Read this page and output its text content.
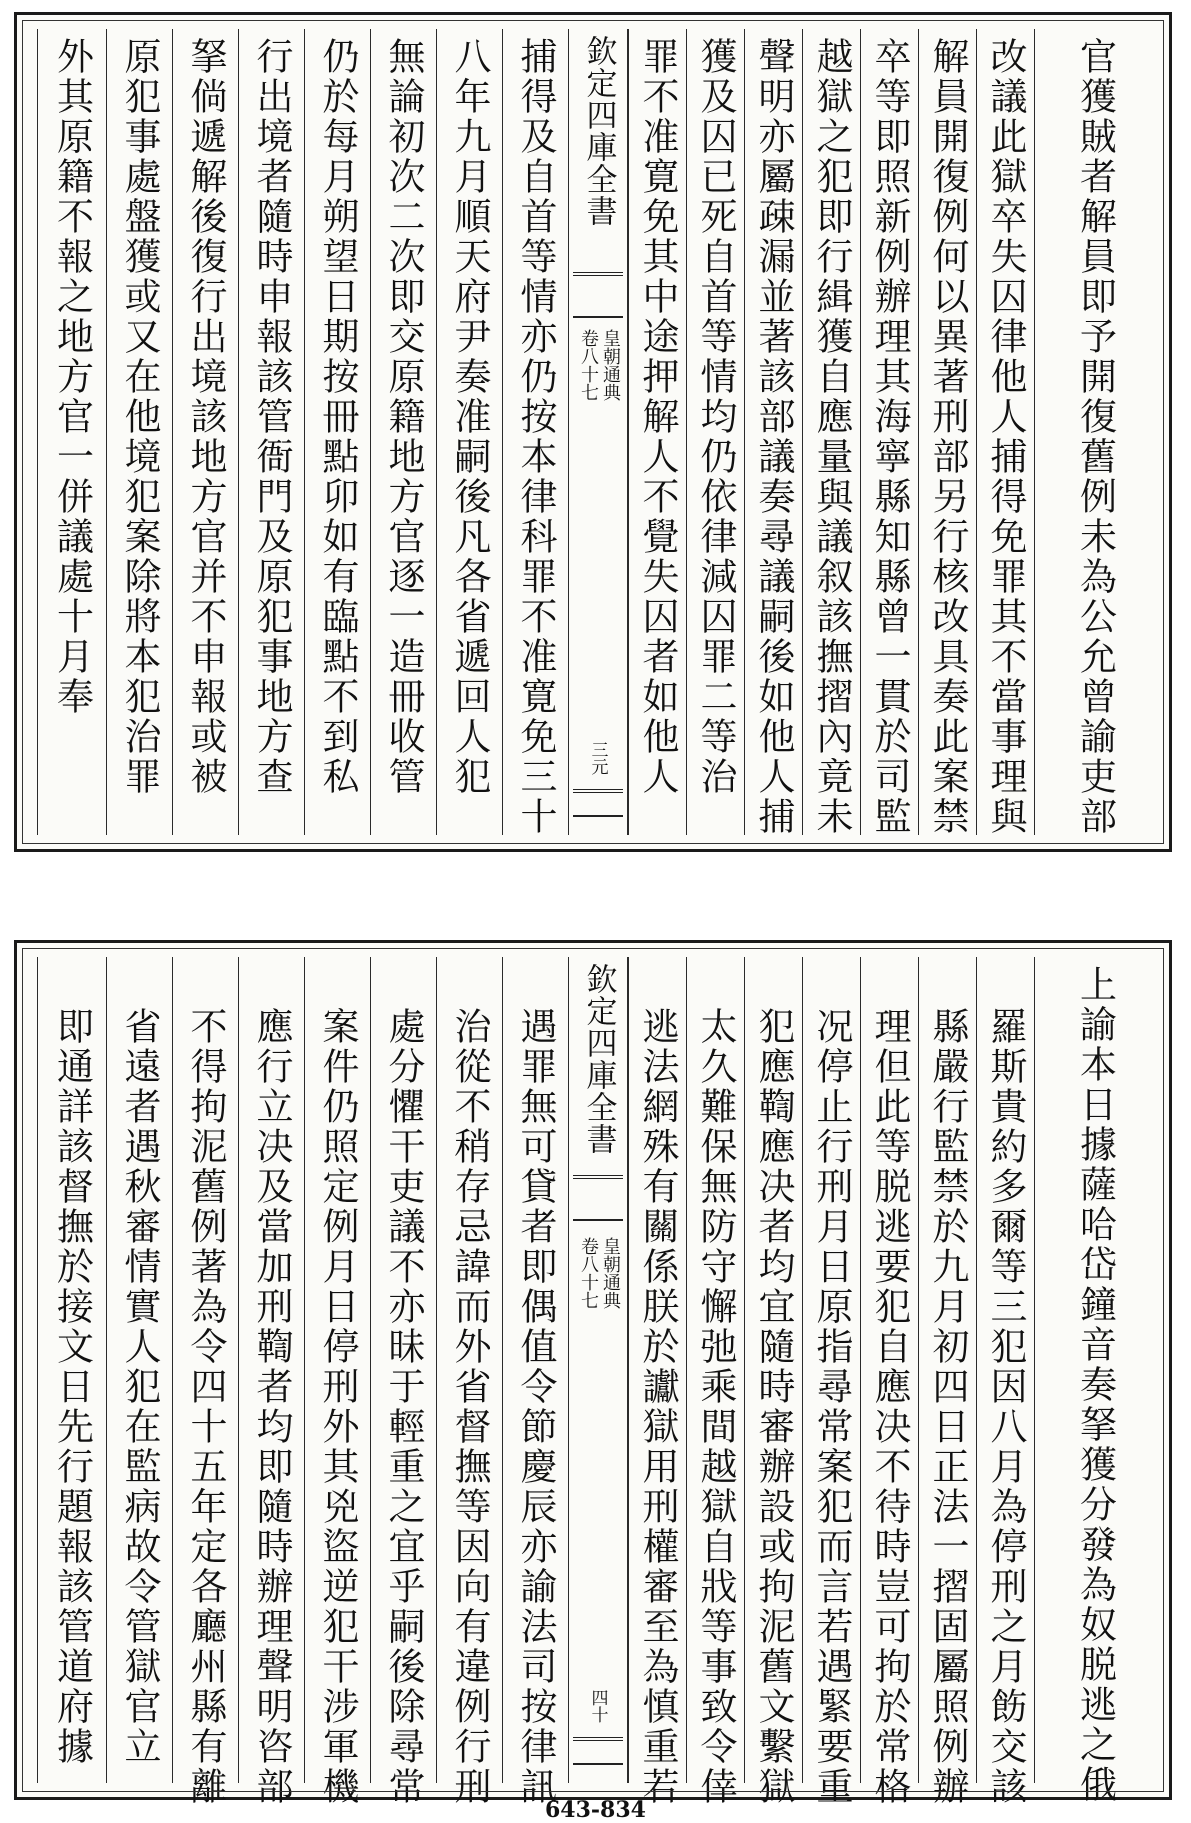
官獲賊者解員即予開復舊例未為公允曾諭吏部
改議此獄卒失囚律他人捕得免罪其不當事理與
解員開復例何以異著刑部另行核改具奏此案禁
卒等即照新例辦理其海寧縣知縣曾一貫於司監
越獄之犯即行緝獲自應量與議叙該撫摺內竟未
聲明亦屬疎漏並著該部議奏尋議嗣後如他人捕
獲及囚已死自首等情均仍依律減囚罪二等治
罪不准寛免其中途押解人不覺失囚者如他人
欽定四庫全書
皇朝通典
卷八十七
三元
捕得及自首等情亦仍按本律科罪不准寛免三十
八年九月順天府尹奏准嗣後凡各省遞回人犯
無論初次二次即交原籍地方官逐一造冊收管
仍於每月朔望日期按冊點卯如有臨點不到私
行出境者隨時申報該管衙門及原犯事地方查
拏倘遞解後復行出境該地方官并不申報或被
原犯事處盤獲或又在他境犯案除將本犯治罪
外其原籍不報之地方官一併議處十月奉
上諭本日據薩哈岱鐘音奏拏獲分發為奴脱逃之俄
羅斯貴約多爾等三犯因八月為停刑之月飭交該
縣嚴行監禁於九月初四日正法一摺固屬照例辦
理但此等脱逃要犯自應决不待時豈可拘於常格
况停止行刑月日原指尋常案犯而言若遇緊要重
犯應鞫應决者均宜隨時審辦設或拘泥舊文繫獄
太久難保無防守懈弛乘間越獄自戕等事致令倖
逃法網殊有關係朕於讞獄用刑權審至為慎重若
欽定四庫全書
皇朝通典
卷八十七
四十
遇罪無可貸者即偶值令節慶辰亦諭法司按律訊
治從不稍存忌諱而外省督撫等因向有違例行刑
處分懼干吏議不亦昧于輕重之宜乎嗣後除尋常
案件仍照定例月日停刑外其兇盜逆犯干涉軍機
應行立决及當加刑鞫者均即隨時辦理聲明咨部
不得拘泥舊例著為令四十五年定各廳州縣有離
省遠者遇秋審情實人犯在監病故令管獄官立
即通詳該督撫於接文日先行題報該管道府據
643-834
